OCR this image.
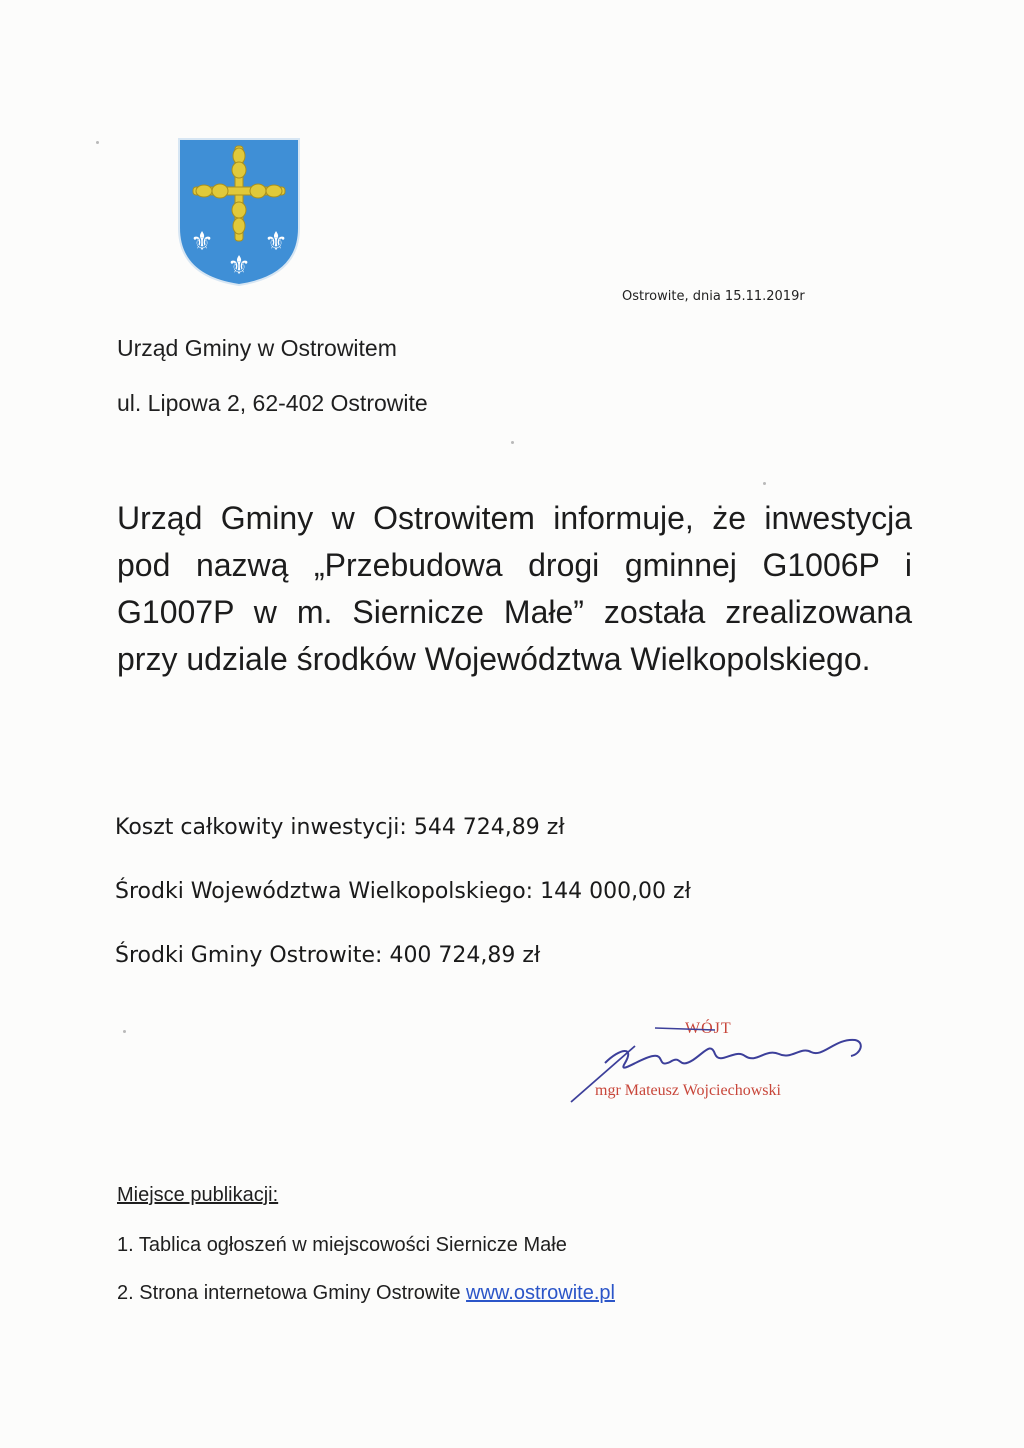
⚜ ⚜
⚜
Ostrowite, dnia 15.11.2019r
Urząd Gminy w Ostrowitem
ul. Lipowa 2, 62-402 Ostrowite

Urząd Gminy w Ostrowitem informuje, że inwestycja pod nazwą „Przebudowa drogi gminnej G1006P i G1007P w m. Siernicze Małe” została zrealizowana przy udziale środków Województwa Wielkopolskiego.

Koszt całkowity inwestycji: 544 724,89 zł
Środki Województwa Wielkopolskiego: 144 000,00 zł
Środki Gminy Ostrowite: 400 724,89 zł
WÓJT
mgr Mateusz Wojciechowski
Miejsce publikacji:
1. Tablica ogłoszeń w miejscowości Siernicze Małe
2. Strona internetowa Gminy Ostrowite www.ostrowite.pl
